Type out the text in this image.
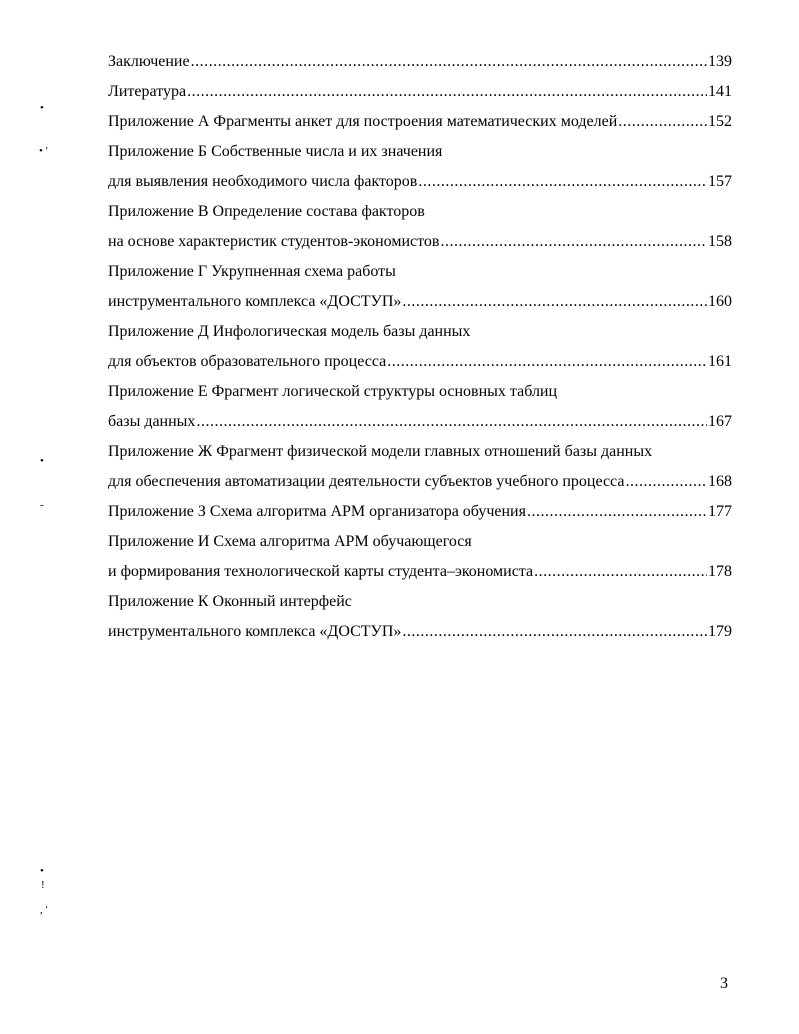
Заключение .....	139
Литература .....	141
Приложение А Фрагменты анкет для построения математических моделей .....	152
Приложение Б Собственные числа и их значения
для выявления необходимого числа факторов .....	157
Приложение В Определение состава факторов
на основе характеристик студентов-экономистов .....	158
Приложение Г Укрупненная схема работы
инструментального комплекса «ДОСТУП» .....	160
Приложение Д Инфологическая модель базы данных
для объектов образовательного процесса .....	161
Приложение Е Фрагмент логической структуры основных таблиц
базы данных .....	167
Приложение Ж Фрагмент физической модели главных отношений базы данных
для обеспечения автоматизации деятельности субъектов учебного процесса .....	168
Приложение З Схема алгоритма АРМ организатора обучения .....	177
Приложение И Схема алгоритма АРМ обучающегося
и формирования технологической карты студента–экономиста .....	178
Приложение К Оконный интерфейс
инструментального комплекса «ДОСТУП» .....	179
3
•
• ′
•
-
•
!
, ′
